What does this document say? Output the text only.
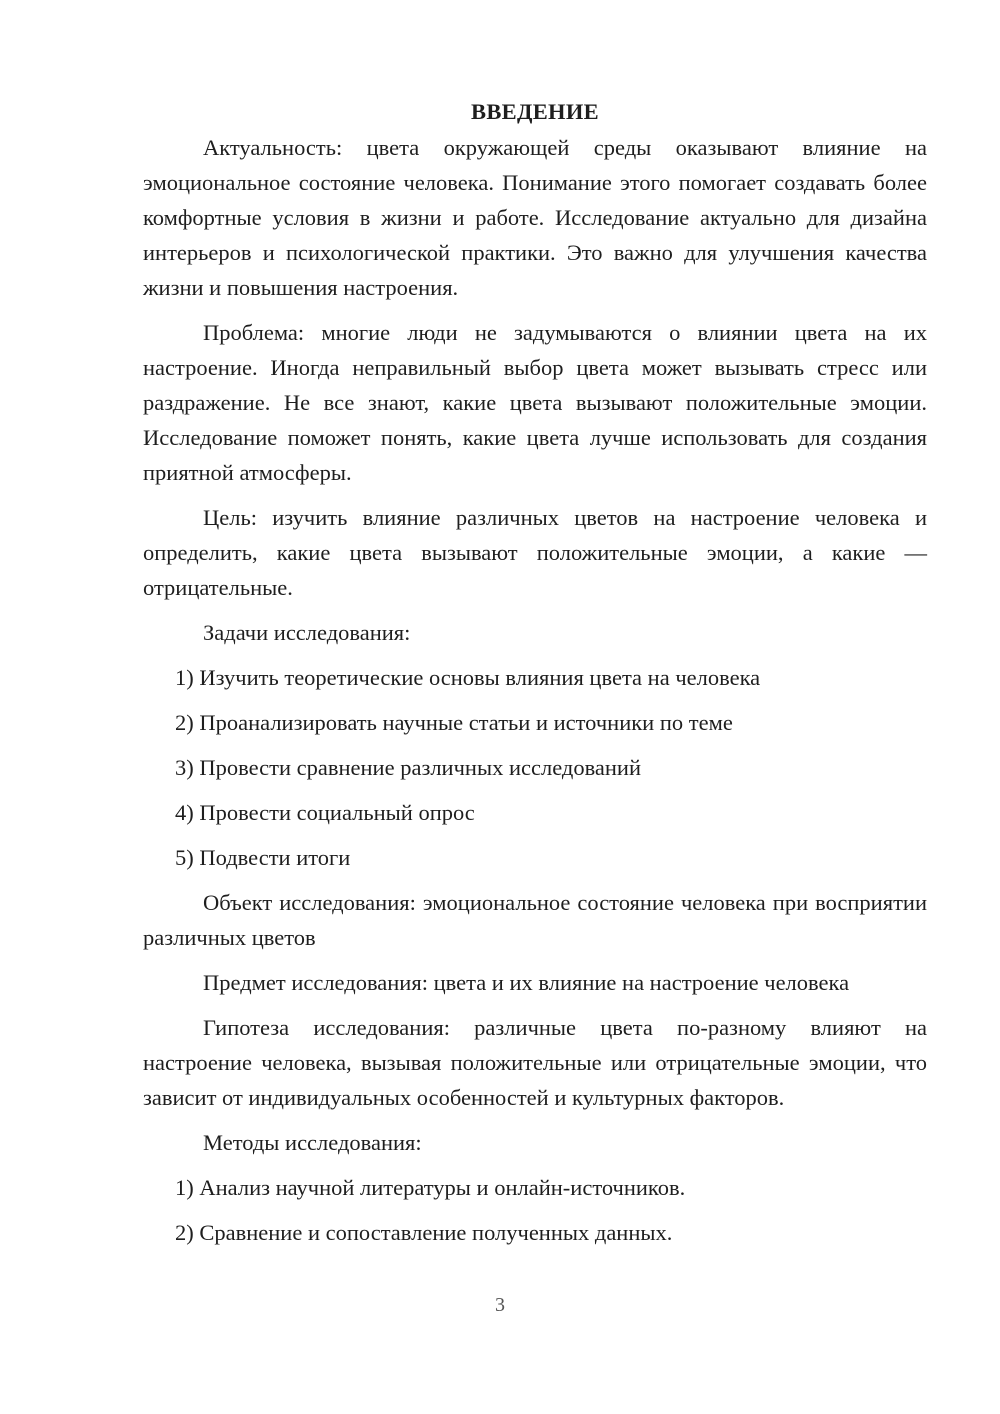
ВВЕДЕНИЕ
Актуальность: цвета окружающей среды оказывают влияние на эмоциональное состояние человека. Понимание этого помогает создавать более комфортные условия в жизни и работе. Исследование актуально для дизайна интерьеров и психологической практики. Это важно для улучшения качества жизни и повышения настроения.
Проблема: многие люди не задумываются о влиянии цвета на их настроение. Иногда неправильный выбор цвета может вызывать стресс или раздражение. Не все знают, какие цвета вызывают положительные эмоции. Исследование поможет понять, какие цвета лучше использовать для создания приятной атмосферы.
Цель: изучить влияние различных цветов на настроение человека и определить, какие цвета вызывают положительные эмоции, а какие — отрицательные.
Задачи исследования:
1) Изучить теоретические основы влияния цвета на человека
2) Проанализировать научные статьи и источники по теме
3) Провести сравнение различных исследований
4) Провести социальный опрос
5) Подвести итоги
Объект исследования: эмоциональное состояние человека при восприятии различных цветов
Предмет исследования: цвета и их влияние на настроение человека
Гипотеза исследования: различные цвета по-разному влияют на настроение человека, вызывая положительные или отрицательные эмоции, что зависит от индивидуальных особенностей и культурных факторов.
Методы исследования:
1) Анализ научной литературы и онлайн-источников.
2) Сравнение и сопоставление полученных данных.
3
